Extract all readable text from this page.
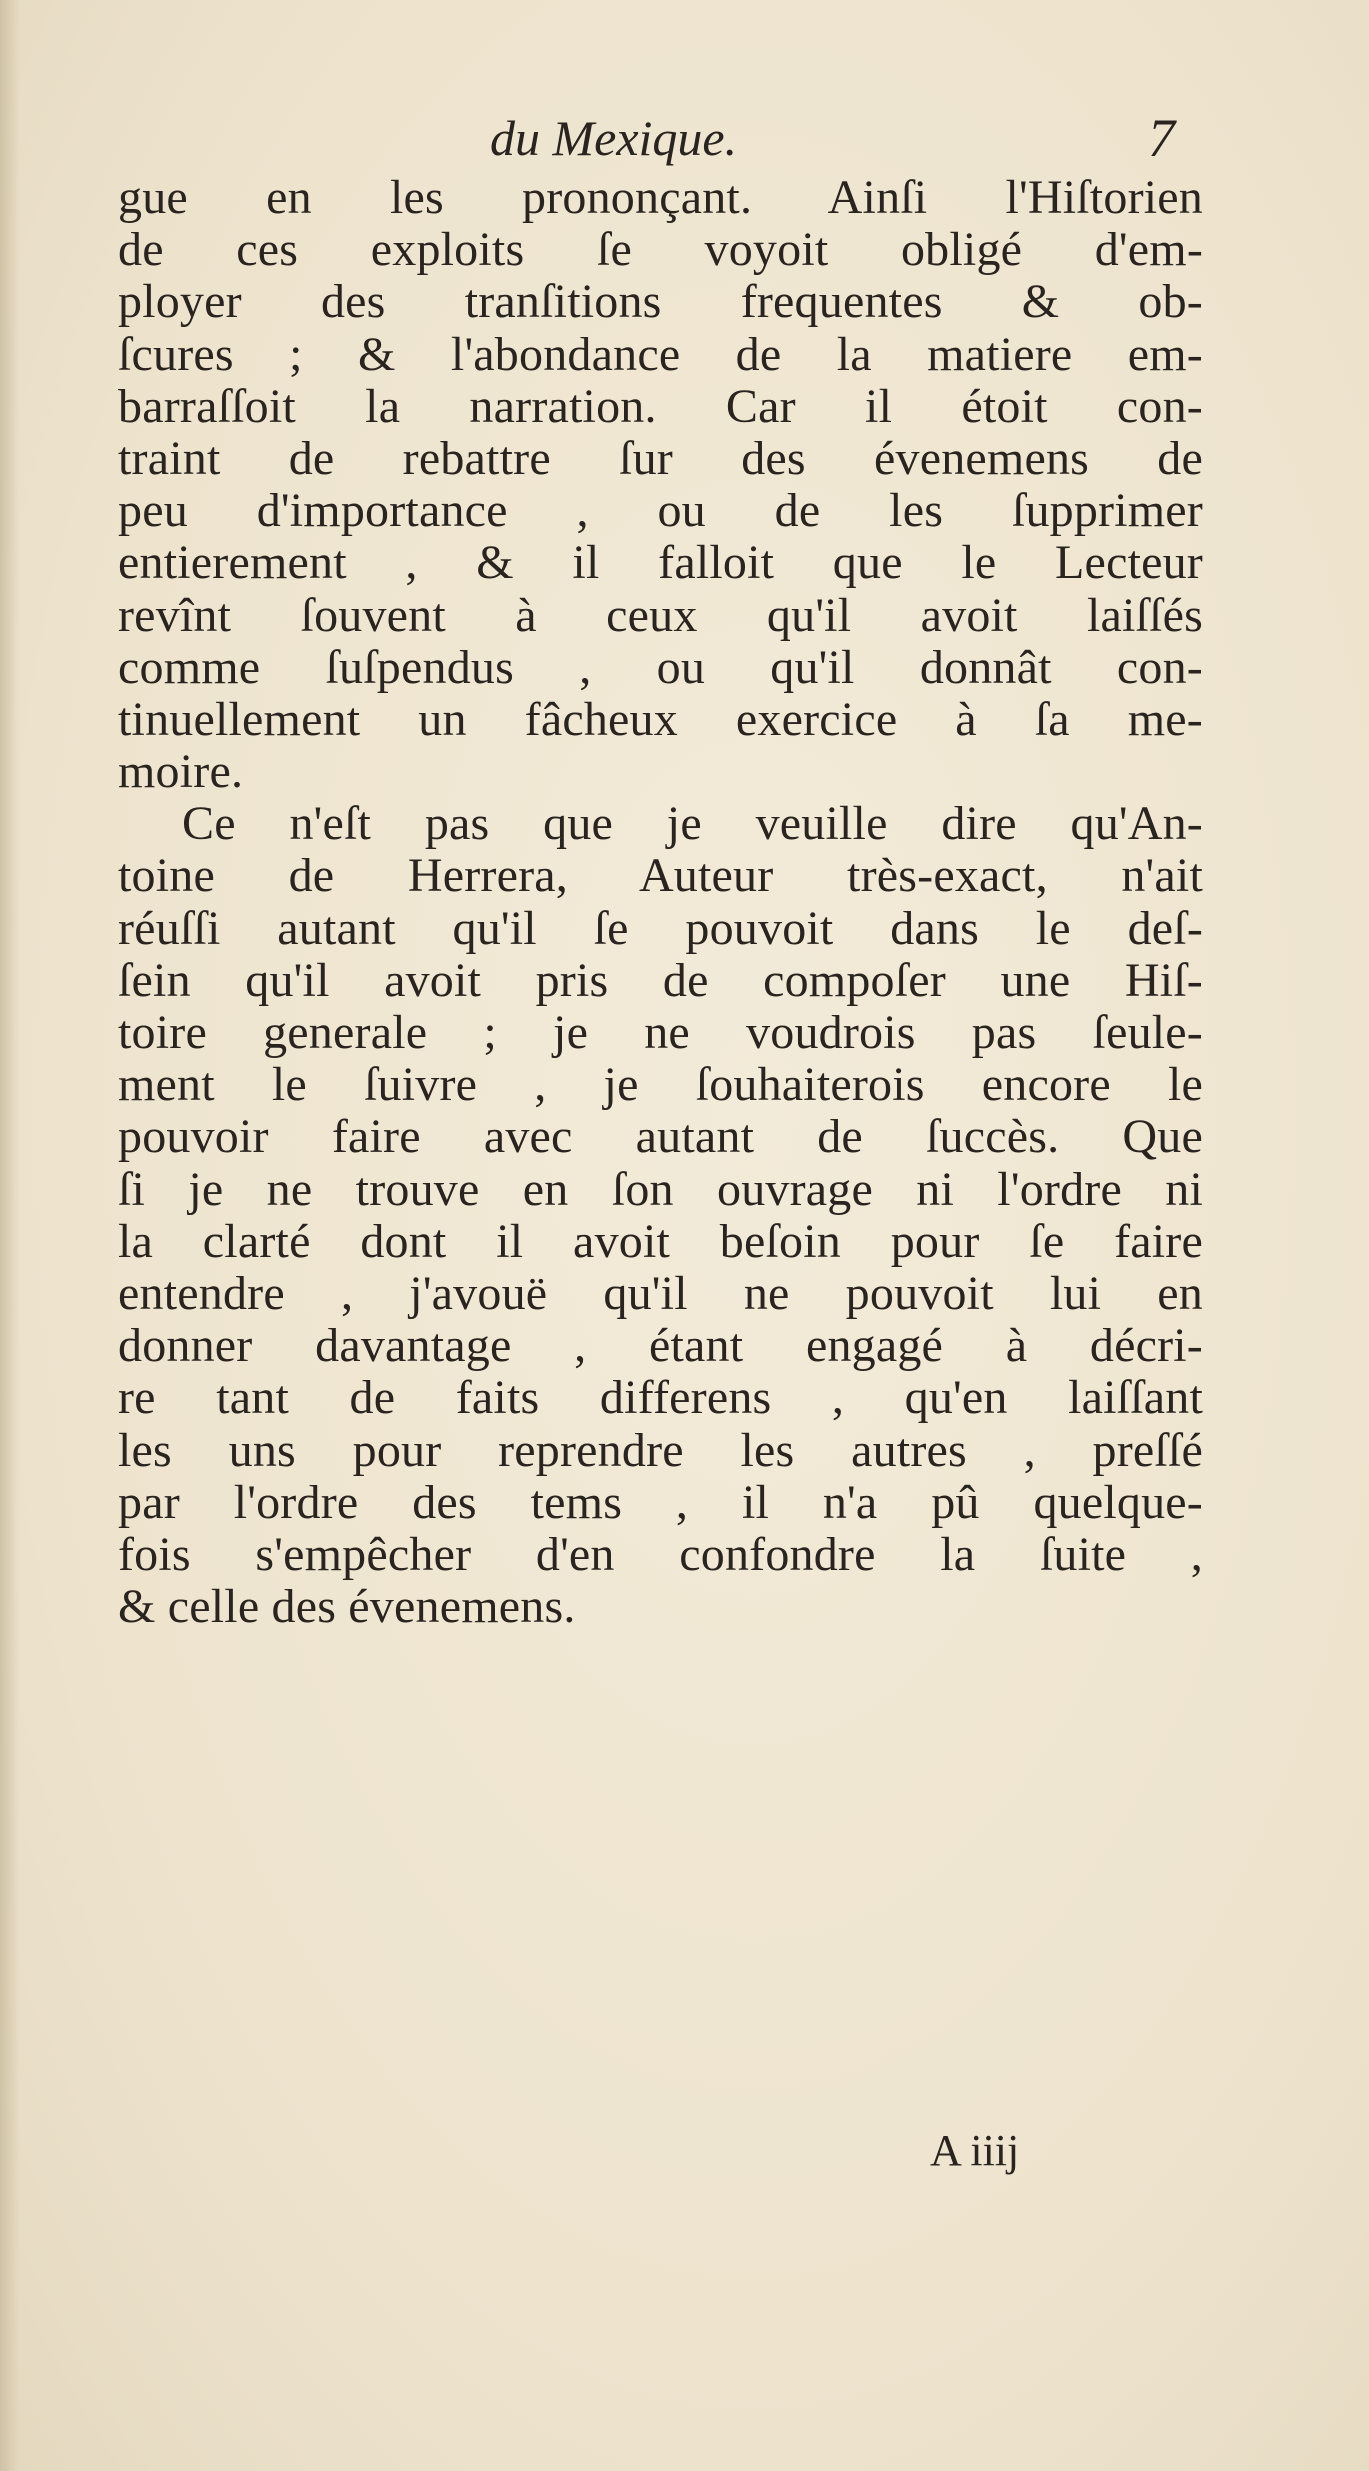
du Mexique.	7
gue en les prononçant. Ainſi l'Hiſtorien
de ces exploits ſe voyoit obligé d'em-
ployer des tranſitions frequentes & ob-
ſcures ; & l'abondance de la matiere em-
barraſſoit la narration. Car il étoit con-
traint de rebattre ſur des évenemens de
peu d'importance , ou de les ſupprimer
entierement , & il falloit que le Lecteur
revînt ſouvent à ceux qu'il avoit laiſſés
comme ſuſpendus , ou qu'il donnât con-
tinuellement un fâcheux exercice à ſa me-
moire.
Ce n'eſt pas que je veuille dire qu'An-
toine de Herrera, Auteur très-exact, n'ait
réuſſi autant qu'il ſe pouvoit dans le deſ-
ſein qu'il avoit pris de compoſer une Hiſ-
toire generale ; je ne voudrois pas ſeule-
ment le ſuivre , je ſouhaiterois encore le
pouvoir faire avec autant de ſuccès. Que
ſi je ne trouve en ſon ouvrage ni l'ordre ni
la clarté dont il avoit beſoin pour ſe faire
entendre , j'avouë qu'il ne pouvoit lui en
donner davantage , étant engagé à décri-
re tant de faits differens , qu'en laiſſant
les uns pour reprendre les autres , preſſé
par l'ordre des tems , il n'a pû quelque-
fois s'empêcher d'en confondre la ſuite ,
& celle des évenemens.
A iiij
